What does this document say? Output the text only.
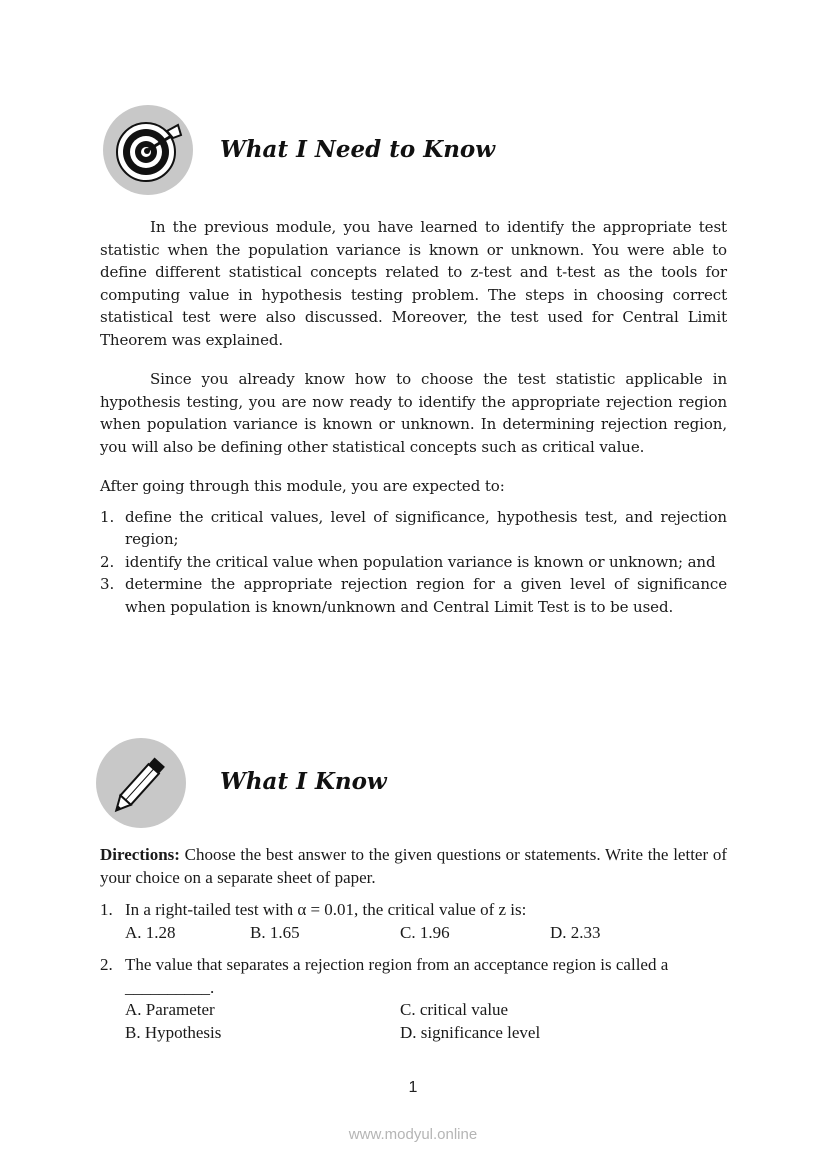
What I Need to Know
In the previous module, you have learned to identify the appropriate test statistic when the population variance is known or unknown. You were able to define different statistical concepts related to z-test and t-test as the tools for computing value in hypothesis testing problem. The steps in choosing correct statistical test were also discussed. Moreover, the test used for Central Limit Theorem was explained.
Since you already know how to choose the test statistic applicable in hypothesis testing, you are now ready to identify the appropriate rejection region when population variance is known or unknown. In determining rejection region, you will also be defining other statistical concepts such as critical value.
After going through this module, you are expected to:
1. define the critical values, level of significance, hypothesis test, and rejection region;
2. identify the critical value when population variance is known or unknown; and
3. determine the appropriate rejection region for a given level of significance when population is known/unknown and Central Limit Test is to be used.
What I Know
Directions: Choose the best answer to the given questions or statements. Write the letter of your choice on a separate sheet of paper.
1. In a right-tailed test with α = 0.01, the critical value of z is:
A. 1.28	B. 1.65	C. 1.96	D. 2.33
2. The value that separates a rejection region from an acceptance region is called a __________.
A. Parameter	C. critical value
B. Hypothesis	D. significance level
1
www.modyul.online
